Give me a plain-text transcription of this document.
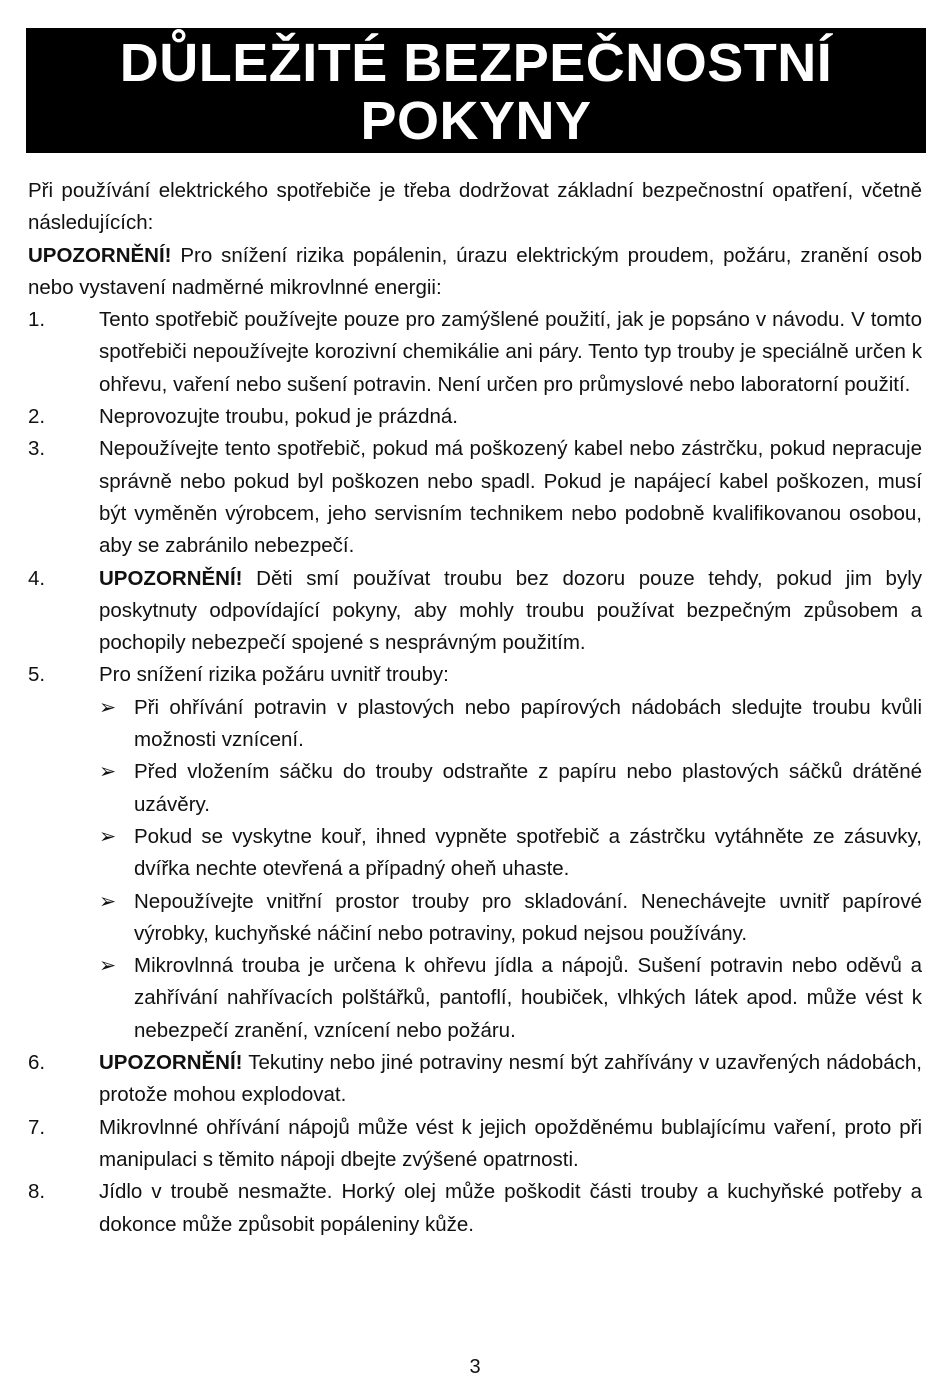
DŮLEŽITÉ BEZPEČNOSTNÍ POKYNY
Při používání elektrického spotřebiče je třeba dodržovat základní bezpečnostní opatření, včetně následujících:
UPOZORNĚNÍ! Pro snížení rizika popálenin, úrazu elektrickým proudem, požáru, zranění osob nebo vystavení nadměrné mikrovlnné energii:
1.	Tento spotřebič používejte pouze pro zamýšlené použití, jak je popsáno v návodu. V tomto spotřebiči nepoužívejte korozivní chemikálie ani páry. Tento typ trouby je speciálně určen k ohřevu, vaření nebo sušení potravin. Není určen pro průmyslové nebo laboratorní použití.
2.	Neprovozujte troubu, pokud je prázdná.
3.	Nepoužívejte tento spotřebič, pokud má poškozený kabel nebo zástrčku, pokud nepracuje správně nebo pokud byl poškozen nebo spadl. Pokud je napájecí kabel poškozen, musí být vyměněn výrobcem, jeho servisním technikem nebo podobně kvalifikovanou osobou, aby se zabránilo nebezpečí.
4.	UPOZORNĚNÍ! Děti smí používat troubu bez dozoru pouze tehdy, pokud jim byly poskytnuty odpovídající pokyny, aby mohly troubu používat bezpečným způsobem a pochopily nebezpečí spojené s nesprávným použitím.
5.	Pro snížení rizika požáru uvnitř trouby:
➢ Při ohřívání potravin v plastových nebo papírových nádobách sledujte troubu kvůli možnosti vznícení.
➢ Před vložením sáčku do trouby odstraňte z papíru nebo plastových sáčků drátěné uzávěry.
➢ Pokud se vyskytne kouř, ihned vypněte spotřebič a zástrčku vytáhněte ze zásuvky, dvířka nechte otevřená a případný oheň uhaste.
➢ Nepoužívejte vnitřní prostor trouby pro skladování. Nenechávejte uvnitř papírové výrobky, kuchyňské náčiní nebo potraviny, pokud nejsou používány.
➢ Mikrovlnná trouba je určena k ohřevu jídla a nápojů. Sušení potravin nebo oděvů a zahřívání nahřívacích polštářků, pantoflí, houbiček, vlhkých látek apod. může vést k nebezpečí zranění, vznícení nebo požáru.
6.	UPOZORNĚNÍ! Tekutiny nebo jiné potraviny nesmí být zahřívány v uzavřených nádobách, protože mohou explodovat.
7.	Mikrovlnné ohřívání nápojů může vést k jejich opožděnému bublajícímu vaření, proto při manipulaci s těmito nápoji dbejte zvýšené opatrnosti.
8.	Jídlo v troubě nesmažte. Horký olej může poškodit části trouby a kuchyňské potřeby a dokonce může způsobit popáleniny kůže.
3
